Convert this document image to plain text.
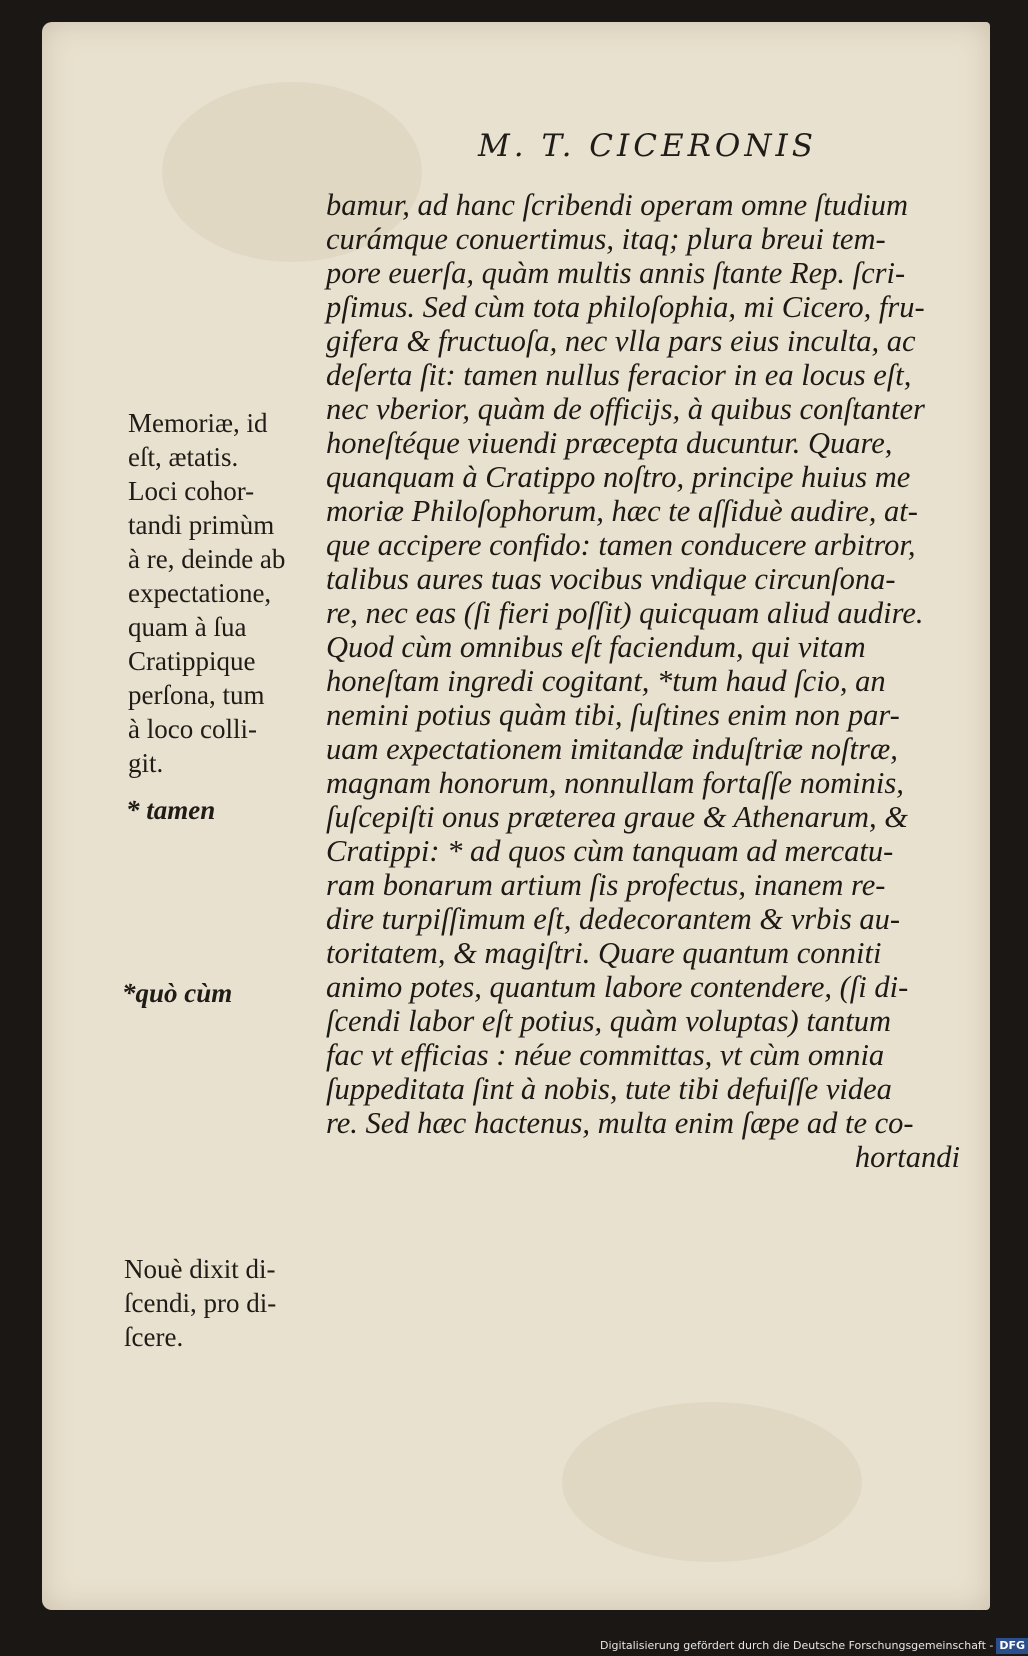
M. T. CICERONIS
bamur, ad hanc ſcribendi operam omne ſtudium
curámque conuertimus, itaq; plura breui tem-
pore euerſa, quàm multis annis ſtante Rep. ſcri-
pſimus. Sed cùm tota philoſophia, mi Cicero, fru-
gifera & fructuoſa, nec vlla pars eius inculta, ac
deſerta ſit: tamen nullus feracior in ea locus eſt,
nec vberior, quàm de officijs, à quibus conſtanter
honeſtéque viuendi præcepta ducuntur. Quare,
quanquam à Cratippo noſtro, principe huius me
moriæ Philoſophorum, hæc te aſſiduè audire, at-
que accipere confido: tamen conducere arbitror,
talibus aures tuas vocibus vndique circunſona-
re, nec eas (ſi fieri poſſit) quicquam aliud audire.
Quod cùm omnibus eſt faciendum, qui vitam
honeſtam ingredi cogitant, *tum haud ſcio, an
nemini potius quàm tibi, ſuſtines enim non par-
uam expectationem imitandæ induſtriæ noſtræ,
magnam honorum, nonnullam fortaſſe nominis,
ſuſcepiſti onus præterea graue & Athenarum, &
Cratippi: * ad quos cùm tanquam ad mercatu-
ram bonarum artium ſis profectus, inanem re-
dire turpiſſimum eſt, dedecorantem & vrbis au-
toritatem, & magiſtri. Quare quantum conniti
animo potes, quantum labore contendere, (ſi di-
ſcendi labor eſt potius, quàm voluptas) tantum
fac vt efficias : néue committas, vt cùm omnia
ſuppeditata ſint à nobis, tute tibi defuiſſe videa
re. Sed hæc hactenus, multa enim ſæpe ad te co-
hortandi
Memoriæ, id
eſt, ætatis.
Loci cohor-
tandi primùm
à re, deinde ab
expectatione,
quam à ſua
Cratippique
perſona, tum
à loco colli-
git.
* tamen
*quò cùm
Nouè dixit di-
ſcendi, pro di-
ſcere.
Digitalisierung gefördert durch die Deutsche Forschungsgemeinschaft - DFG
